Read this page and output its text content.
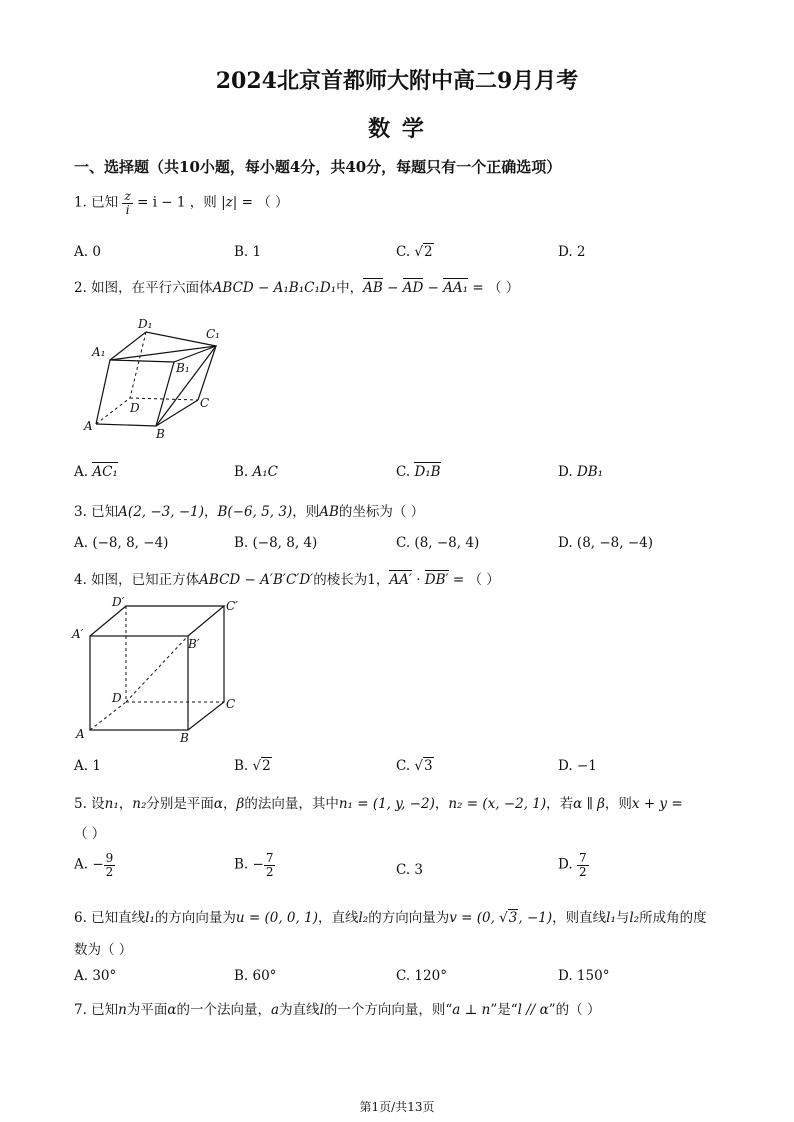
2024北京首都师大附中高二9月月考
数 学
一、选择题（共10小题，每小题4分，共40分，每题只有一个正确选项）
1. 已知 $\frac{z}{i} = i - 1$ ，则 |z| = （ ）
A. 0	B. 1	C. √2	D. 2
2. 如图，在平行六面体ABCD − A₁B₁C₁D₁中，AB − AD − AA₁ = （ ）
D₁
C₁
A₁
B₁
D	C
A
B
A. AC₁	B. A₁C	C. D₁B	D. DB₁
3. 已知A(2, −3, −1)，B(−6, 5, 3)，则AB的坐标为（ ）
A. (−8, 8, −4)	B. (−8, 8, 4)	C. (8, −8, 4)	D. (8, −8, −4)
4. 如图，已知正方体ABCD − A′B′C′D′的棱长为1，AA′ · DB′ = （ ）
D′	C′
A′
B′
D	C
A	B
A. 1	B. √2	C. √3	D. −1
5. 设n₁，n₂分别是平面α，β的法向量，其中n₁ = (1, y, −2)，n₂ = (x, −2, 1)，若α ∥ β，则x + y =
（ ）
A. − $\frac{9}{2}$	B. − $\frac{7}{2}$	C. 3	D. $\frac{7}{2}$
6. 已知直线l₁的方向向量为u = (0, 0, 1)，直线l₂的方向向量为v = (0, √3, −1)，则直线l₁与l₂所成角的度
数为（ ）
A. 30°	B. 60°	C. 120°	D. 150°
7. 已知n为平面α的一个法向量，a为直线l的一个方向向量，则“a ⊥ n”是“l // α”的（ ）
第1页/共13页
